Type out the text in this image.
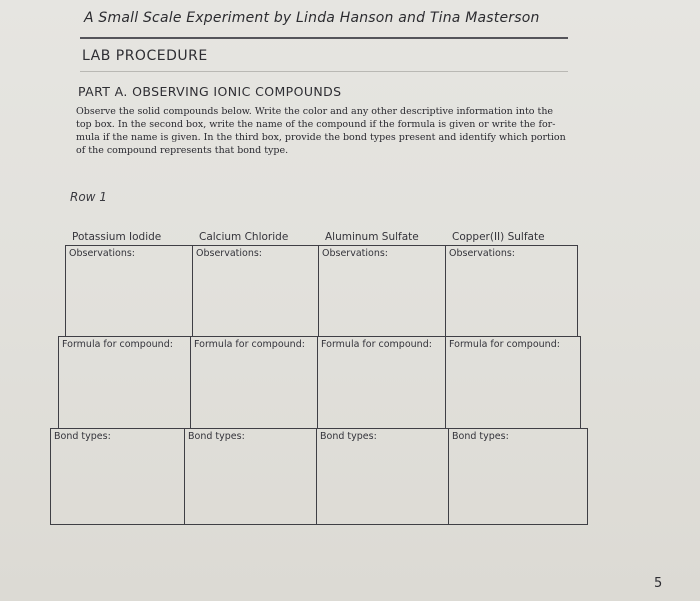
A Small Scale Experiment by Linda Hanson and Tina Masterson
LAB PROCEDURE
PART A. OBSERVING IONIC COMPOUNDS
Observe the solid compounds below. Write the color and any other descriptive information into the
top box. In the second box, write the name of the compound if the formula is given or write the for-
mula if the name is given. In the third box, provide the bond types present and identify which portion
of the compound represents that bond type.
Row 1
Potassium Iodide	Calcium Chloride	Aluminum Sulfate	Copper(II) Sulfate
Observations:	Observations:	Observations:	Observations:
Formula for compound: Formula for compound: Formula for compound: Formula for compound:
Bond types:	Bond types:	Bond types:	Bond types:
5
